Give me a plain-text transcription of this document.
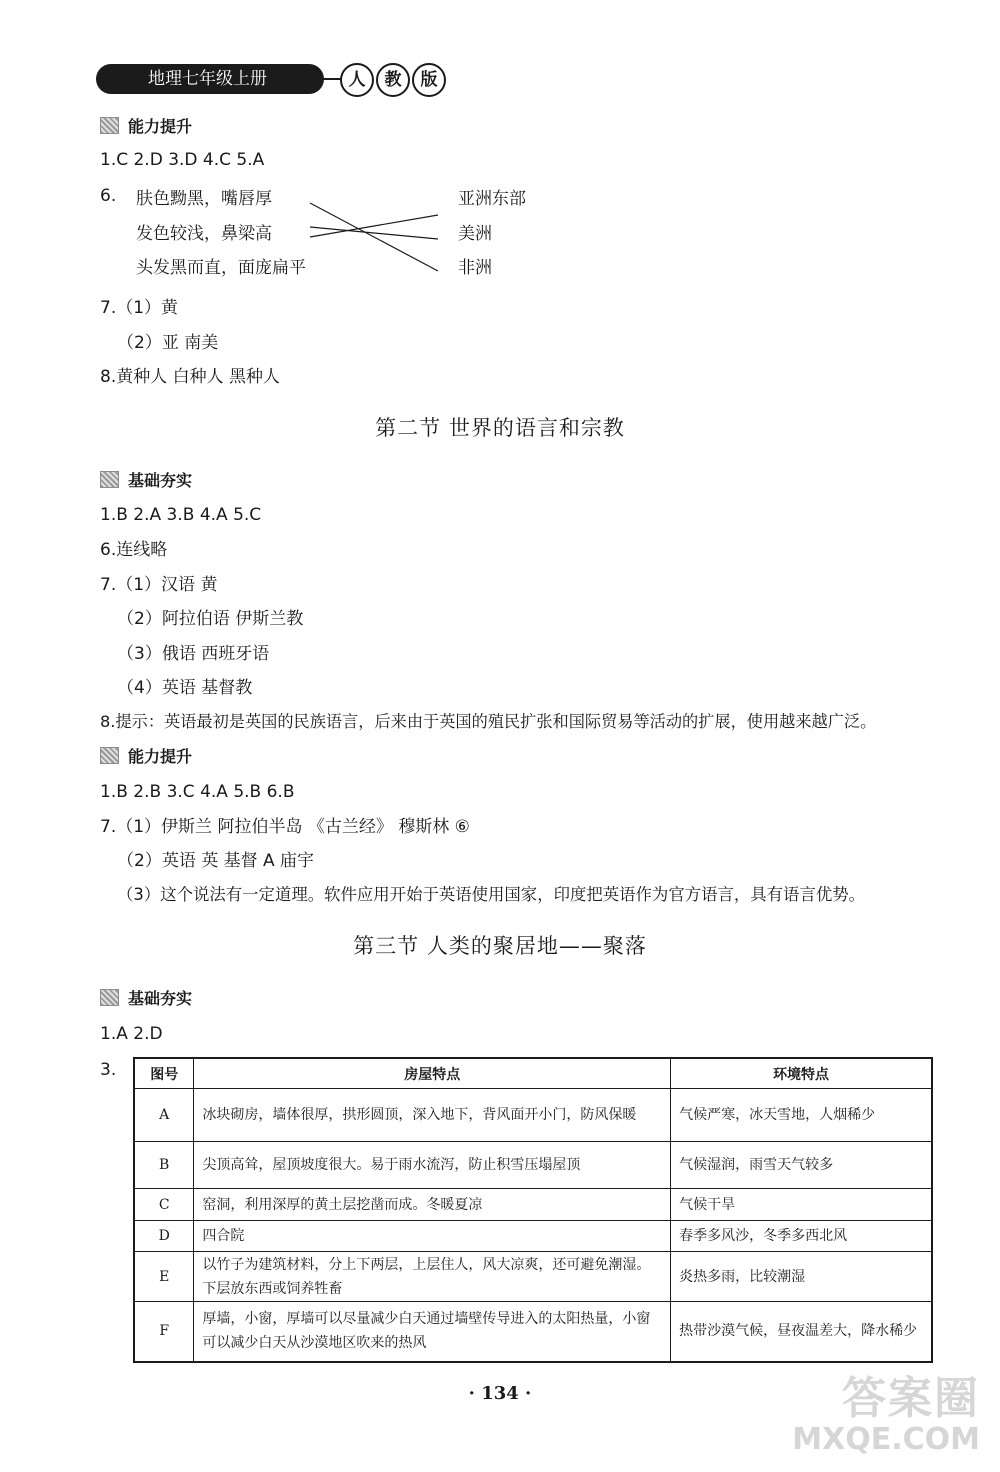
地理七年级上册	人	教	版
能力提升
1.C 2.D 3.D 4.C 5.A
6. 肤色黝黑，嘴唇厚
发色较浅，鼻梁高
头发黑而直，面庞扁平
亚洲东部
美洲
非洲
7.（1）黄
（2）亚 南美
8.黄种人 白种人 黑种人
第二节 世界的语言和宗教
基础夯实
1.B 2.A 3.B 4.A 5.C
6.连线略
7.（1）汉语 黄
（2）阿拉伯语 伊斯兰教
（3）俄语 西班牙语
（4）英语 基督教
8.提示：英语最初是英国的民族语言，后来由于英国的殖民扩张和国际贸易等活动的扩展，使用越来越广泛。
能力提升
1.B 2.B 3.C 4.A 5.B 6.B
7.（1）伊斯兰 阿拉伯半岛 《古兰经》 穆斯林 ⑥
（2）英语 英 基督 A 庙宇
（3）这个说法有一定道理。软件应用开始于英语使用国家，印度把英语作为官方语言，具有语言优势。
第三节 人类的聚居地——聚落
基础夯实
1.A 2.D
3. 图号	房屋特点	环境特点
A	冰块砌房，墙体很厚，拱形圆顶，深入地下，背风面开小门，防风保暖	气候严寒，冰天雪地，人烟稀少
B	尖顶高耸，屋顶坡度很大。易于雨水流泻，防止积雪压塌屋顶	气候湿润，雨雪天气较多
C	窑洞，利用深厚的黄土层挖凿而成。冬暖夏凉	气候干旱
D	四合院	春季多风沙，冬季多西北风
E	以竹子为建筑材料，分上下两层，上层住人，风大凉爽，还可避免潮湿。下层放东西或饲养牲畜	炎热多雨，比较潮湿
F	厚墙，小窗，厚墙可以尽量减少白天通过墙壁传导进入的太阳热量，小窗可以减少白天从沙漠地区吹来的热风	热带沙漠气候，昼夜温差大，降水稀少
· 134 ·	答案圈
MXQE.COM
